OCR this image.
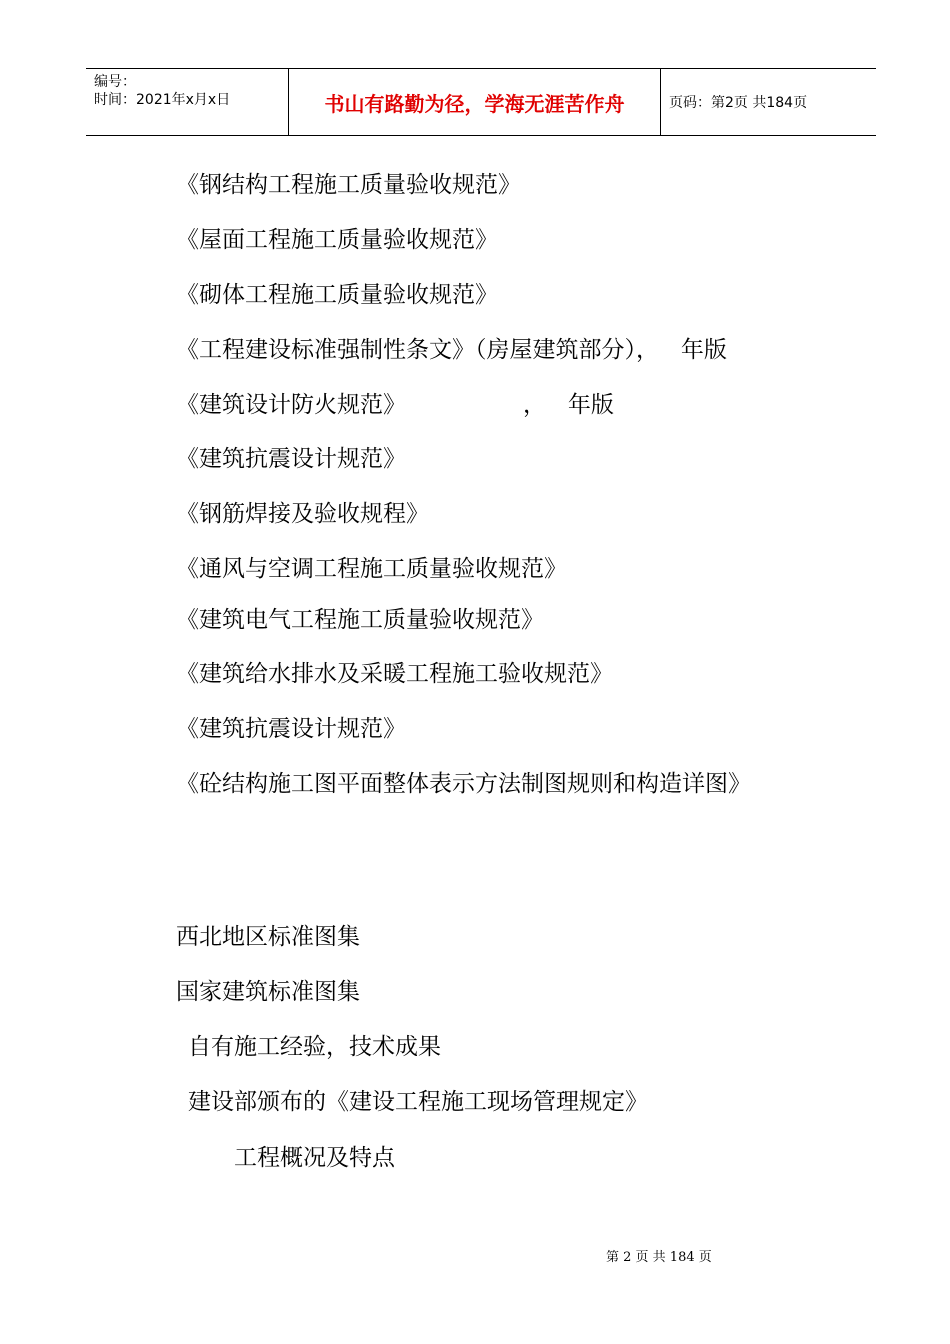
编号：
时间：2021年x月x日	书山有路勤为径，学海无涯苦作舟	页码：第2页 共184页
《钢结构工程施工质量验收规范》
《屋面工程施工质量验收规范》
《砌体工程施工质量验收规范》
《工程建设标准强制性条文》（房屋建筑部分），   年版
《建筑设计防火规范》                ，   年版
《建筑抗震设计规范》
《钢筋焊接及验收规程》
《通风与空调工程施工质量验收规范》
《建筑电气工程施工质量验收规范》
《建筑给水排水及采暖工程施工验收规范》
《建筑抗震设计规范》
《砼结构施工图平面整体表示方法制图规则和构造详图》
西北地区标准图集
国家建筑标准图集
自有施工经验，技术成果
建设部颁布的《建设工程施工现场管理规定》
工程概况及特点
第 2 页 共 184 页
